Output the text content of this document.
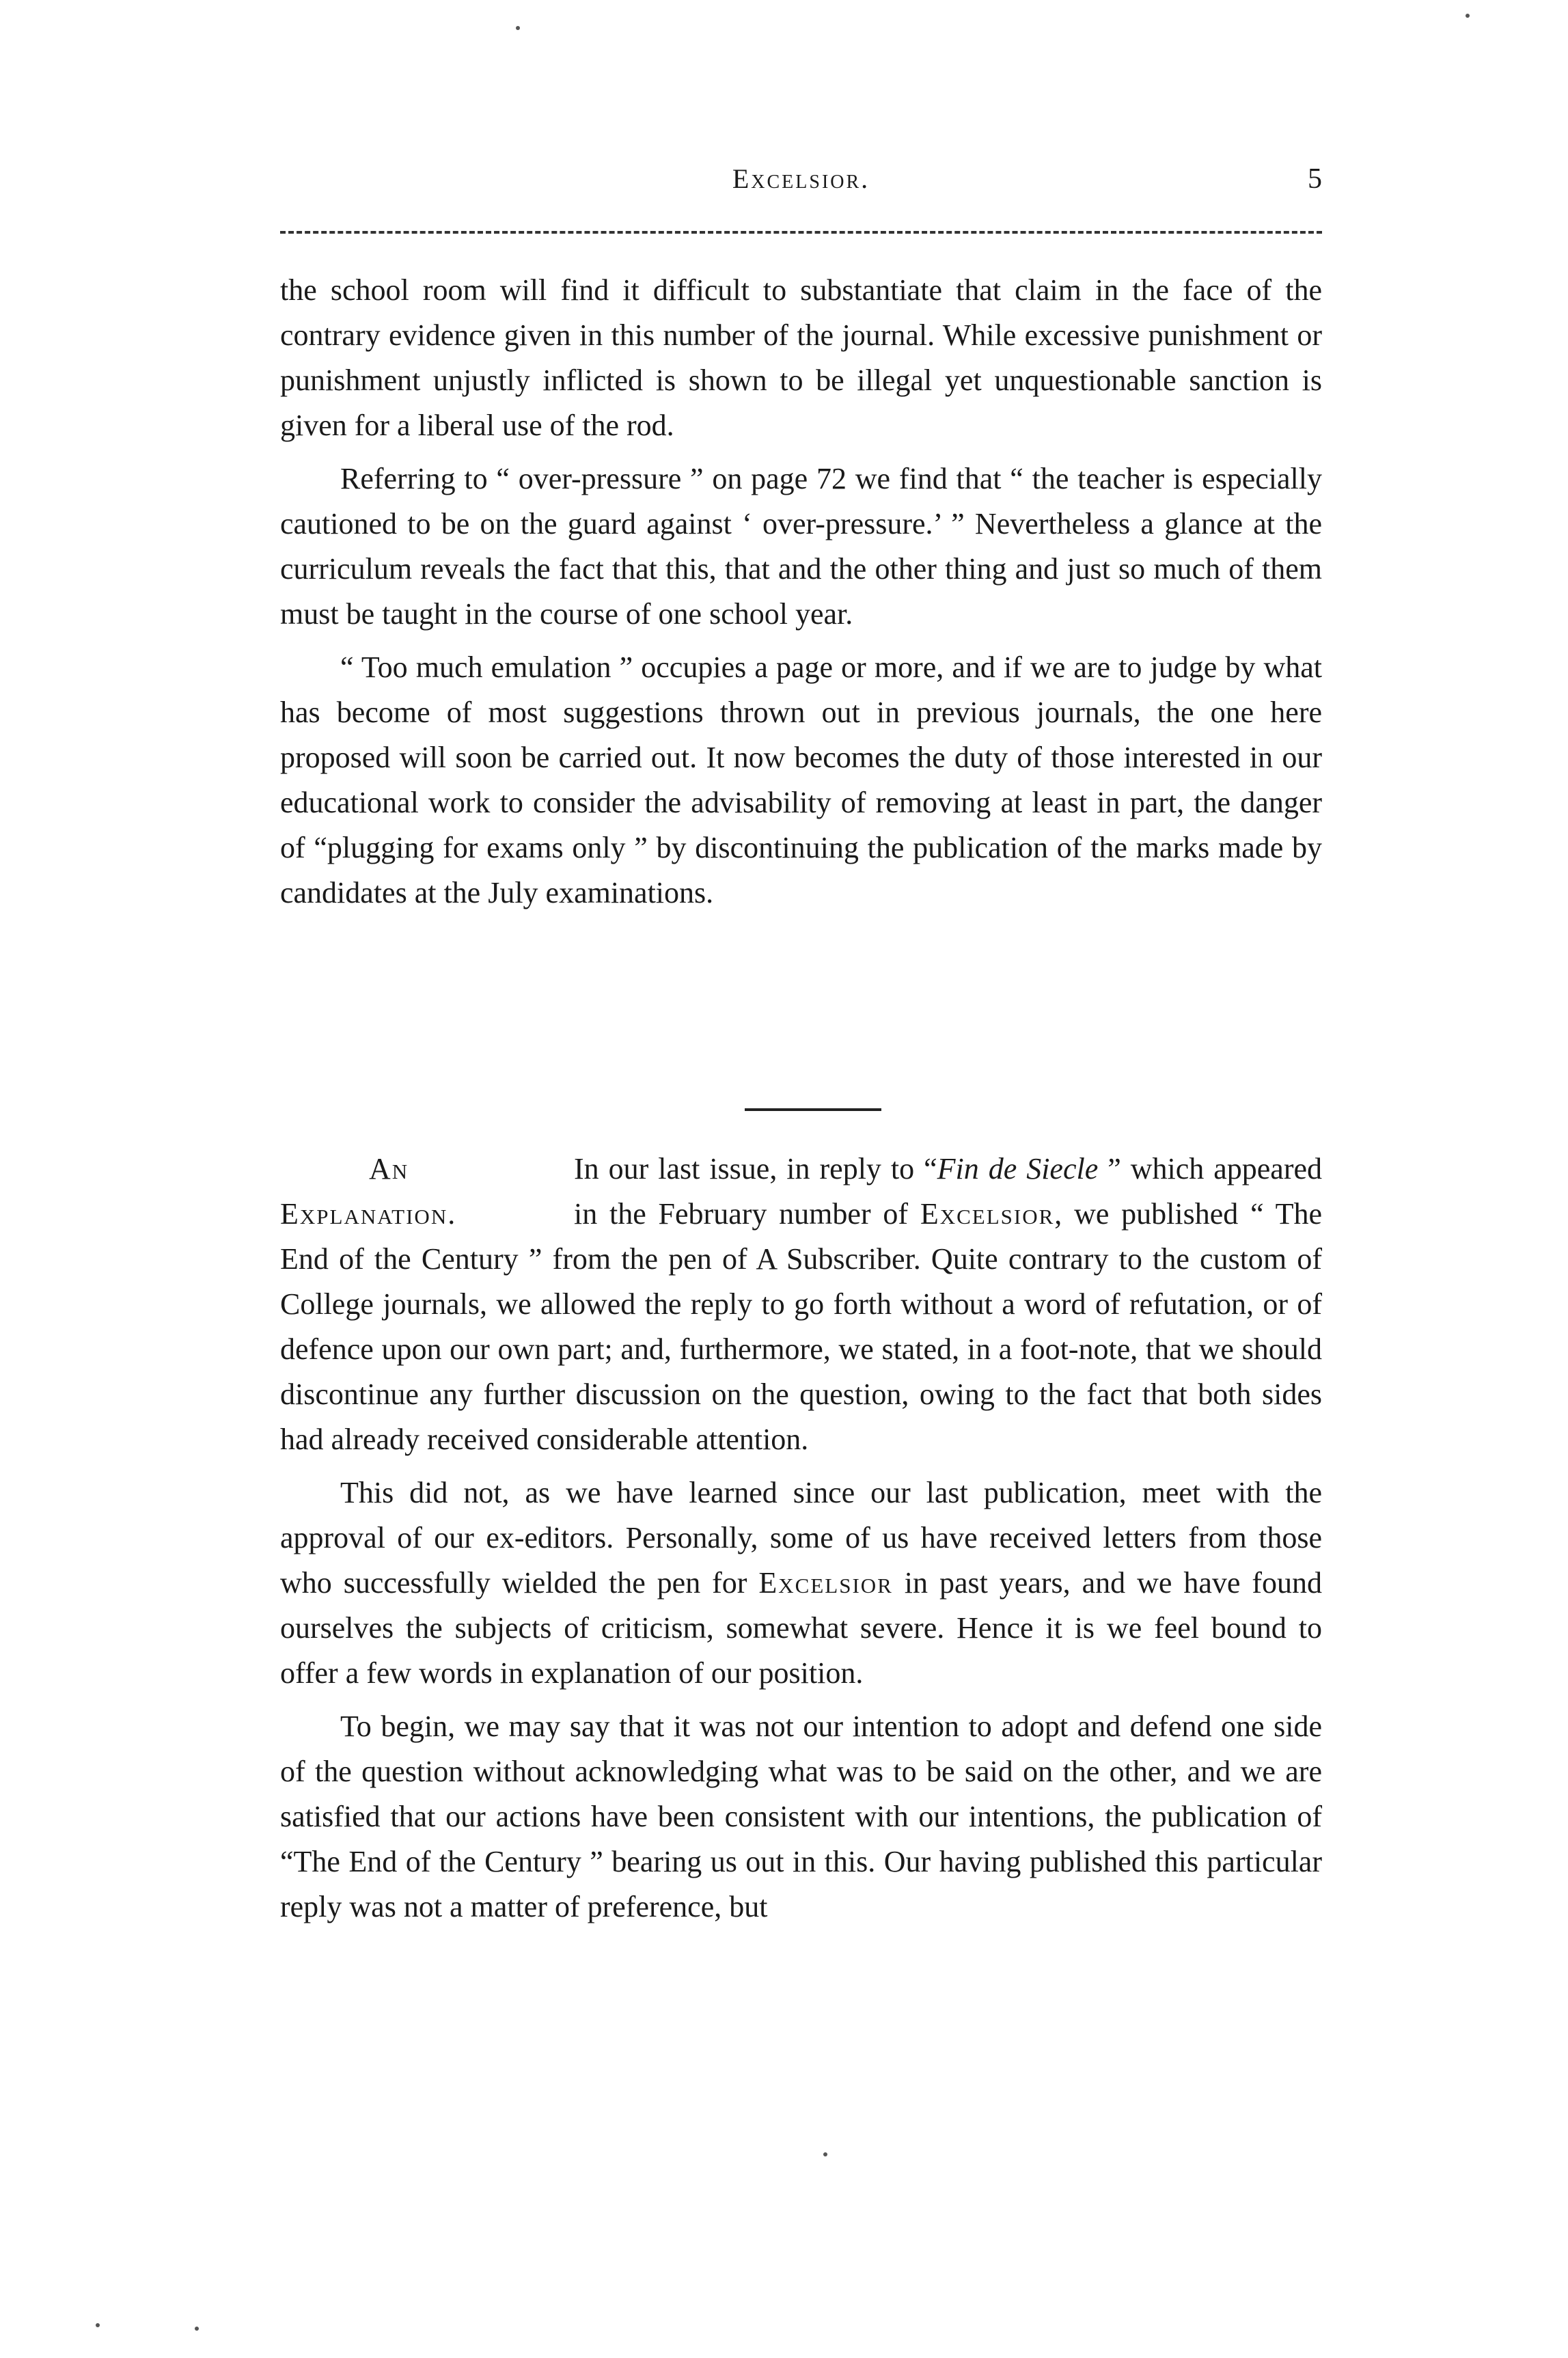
Excelsior.	5

the school room will find it difficult to substantiate that claim in the face of the contrary evidence given in this number of the journal. While excessive punishment or punishment unjustly inflicted is shown to be illegal yet unquestionable sanction is given for a liberal use of the rod.

Referring to “ over-pressure ” on page 72 we find that “ the teacher is especially cautioned to be on the guard against ‘ over-pressure.’ ” Nevertheless a glance at the curriculum reveals the fact that this, that and the other thing and just so much of them must be taught in the course of one school year.

“ Too much emulation ” occupies a page or more, and if we are to judge by what has become of most suggestions thrown out in previous journals, the one here proposed will soon be carried out. It now becomes the duty of those interested in our educational work to consider the advisability of removing at least in part, the danger of “plugging for exams only ” by discontinuing the publication of the marks made by candidates at the July examinations.

An
Explanation.
In our last issue, in reply to “Fin de Siecle ” which appeared in the February number of Excelsior, we published “ The End of the Century ” from the pen of A Subscriber. Quite contrary to the custom of College journals, we allowed the reply to go forth without a word of refutation, or of defence upon our own part; and, furthermore, we stated, in a foot-note, that we should discontinue any further discussion on the question, owing to the fact that both sides had already received considerable attention.

This did not, as we have learned since our last publication, meet with the approval of our ex-editors. Personally, some of us have received letters from those who successfully wielded the pen for Excelsior in past years, and we have found ourselves the subjects of criticism, somewhat severe. Hence it is we feel bound to offer a few words in explanation of our position.

To begin, we may say that it was not our intention to adopt and defend one side of the question without acknowledging what was to be said on the other, and we are satisfied that our actions have been consistent with our intentions, the publication of “The End of the Century ” bearing us out in this. Our having published this particular reply was not a matter of preference, but
